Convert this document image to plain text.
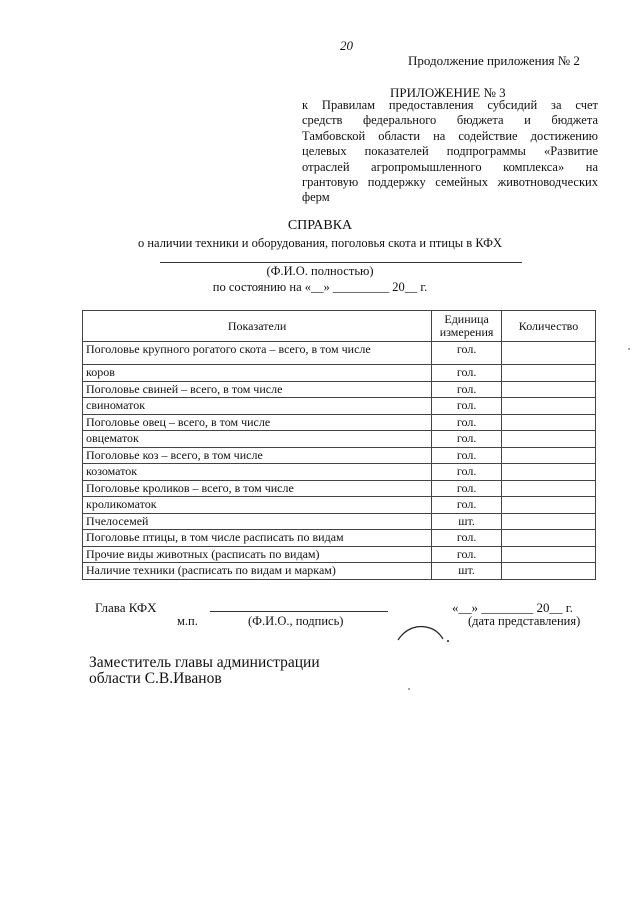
20
Продолжение приложения № 2
ПРИЛОЖЕНИЕ № 3
к Правилам предоставления субсидий за счет
средств федерального бюджета и бюджета
Тамбовской области на содействие достижению
целевых показателей подпрограммы «Развитие
отраслей агропромышленного комплекса» на
грантовую поддержку семейных животноводческих
ферм
СПРАВКА
о наличии техники и оборудования, поголовья скота и птицы в КФХ
(Ф.И.О. полностью)
по состоянию на «__» _________ 20__ г.
Показатели	Единица измерения	Количество
Поголовье крупного рогатого скота – всего, в том числе	гол.	
коров	гол.	
Поголовье свиней – всего, в том числе	гол.	
свиноматок	гол.	
Поголовье овец – всего, в том числе	гол.	
овцематок	гол.	
Поголовье коз – всего, в том числе	гол.	
козоматок	гол.	
Поголовье кроликов – всего, в том числе	гол.	
кроликоматок	гол.	
Пчелосемей	шт.	
Поголовье птицы, в том числе расписать по видам	гол.	
Прочие виды животных (расписать по видам)	гол.	
Наличие техники (расписать по видам и маркам)	шт.	
Глава КФХ	«__» ________ 20__ г.
м.п.	(Ф.И.О., подпись)	(дата представления)
Заместитель главы администрации
области С.В.Иванов
